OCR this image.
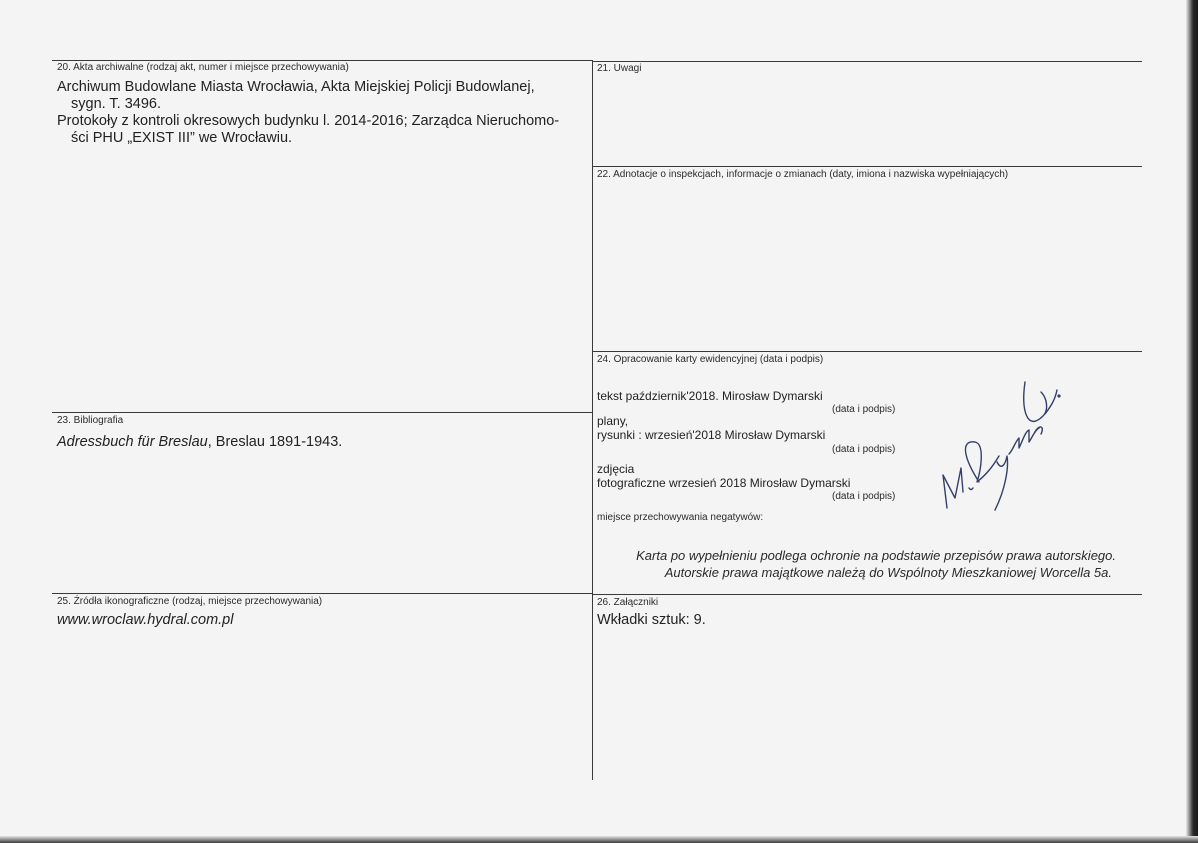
20. Akta archiwalne (rodzaj akt, numer i miejsce przechowywania)
Archiwum Budowlane Miasta Wrocławia, Akta Miejskiej Policji Budowlanej,
sygn. T. 3496.
Protokoły z kontroli okresowych budynku l. 2014-2016; Zarządca Nieruchomo-
ści PHU „EXIST III” we Wrocławiu.
21. Uwagi
22. Adnotacje o inspekcjach, informacje o zmianach (daty, imiona i nazwiska wypełniających)
24. Opracowanie karty ewidencyjnej (data i podpis)
tekst październik'2018. Mirosław Dymarski
(data i podpis)
plany,
rysunki : wrzesień'2018 Mirosław Dymarski
(data i podpis)
zdjęcia
fotograficzne wrzesień 2018 Mirosław Dymarski
(data i podpis)
miejsce przechowywania negatywów:
Karta po wypełnieniu podlega ochronie na podstawie przepisów prawa autorskiego.
Autorskie prawa majątkowe należą do Wspólnoty Mieszkaniowej Worcella 5a.
23. Bibliografia
Adressbuch für Breslau, Breslau 1891-1943.
25. Źródła ikonograficzne (rodzaj, miejsce przechowywania)
www.wroclaw.hydral.com.pl
26. Załączniki
Wkładki sztuk: 9.
